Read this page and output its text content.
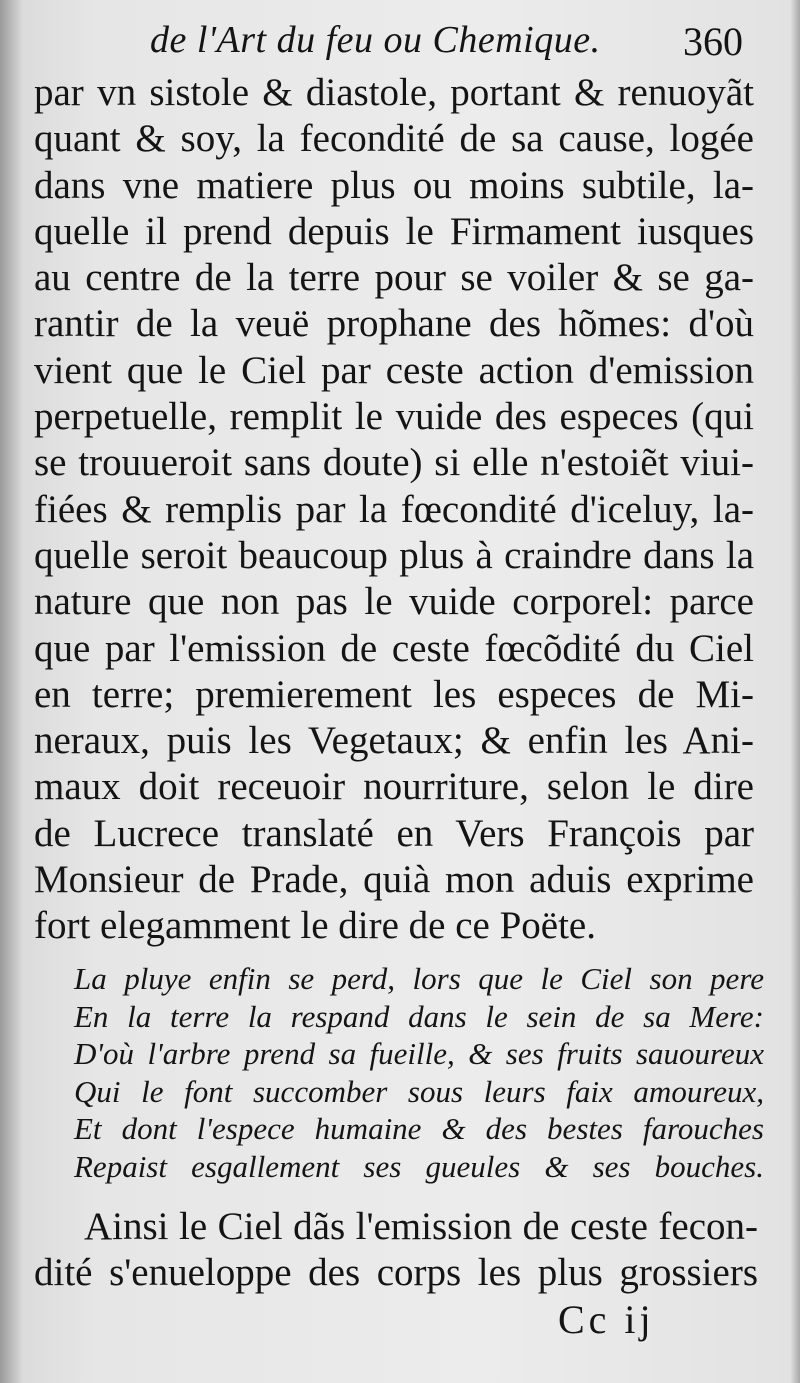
de l'Art du feu ou Chemique. 360
par vn sistole & diastole, portant & renuoyãt
quant & soy, la fecondité de sa cause, logée
dans vne matiere plus ou moins subtile, la-
quelle il prend depuis le Firmament iusques
au centre de la terre pour se voiler & se ga-
rantir de la veuë prophane des hõmes: d'où
vient que le Ciel par ceste action d'emission
perpetuelle, remplit le vuide des especes (qui
se trouueroit sans doute) si elle n'estoiẽt viui-
fiées & remplis par la fœcondité d'iceluy, la-
quelle seroit beaucoup plus à craindre dans la
nature que non pas le vuide corporel: parce
que par l'emission de ceste fœcõdité du Ciel
en terre; premierement les especes de Mi-
neraux, puis les Vegetaux; & enfin les Ani-
maux doit receuoir nourriture, selon le dire
de Lucrece translaté en Vers François par
Monsieur de Prade, quià mon aduis exprime
fort elegamment le dire de ce Poëte.
La pluye enfin se perd, lors que le Ciel son pere
En la terre la respand dans le sein de sa Mere:
D'où l'arbre prend sa fueille, & ses fruits sauoureux
Qui le font succomber sous leurs faix amoureux,
Et dont l'espece humaine & des bestes farouches
Repaist esgallement ses gueules & ses bouches.
Ainsi le Ciel dãs l'emission de ceste fecon-
dité s'enueloppe des corps les plus grossiers
Cc ij
